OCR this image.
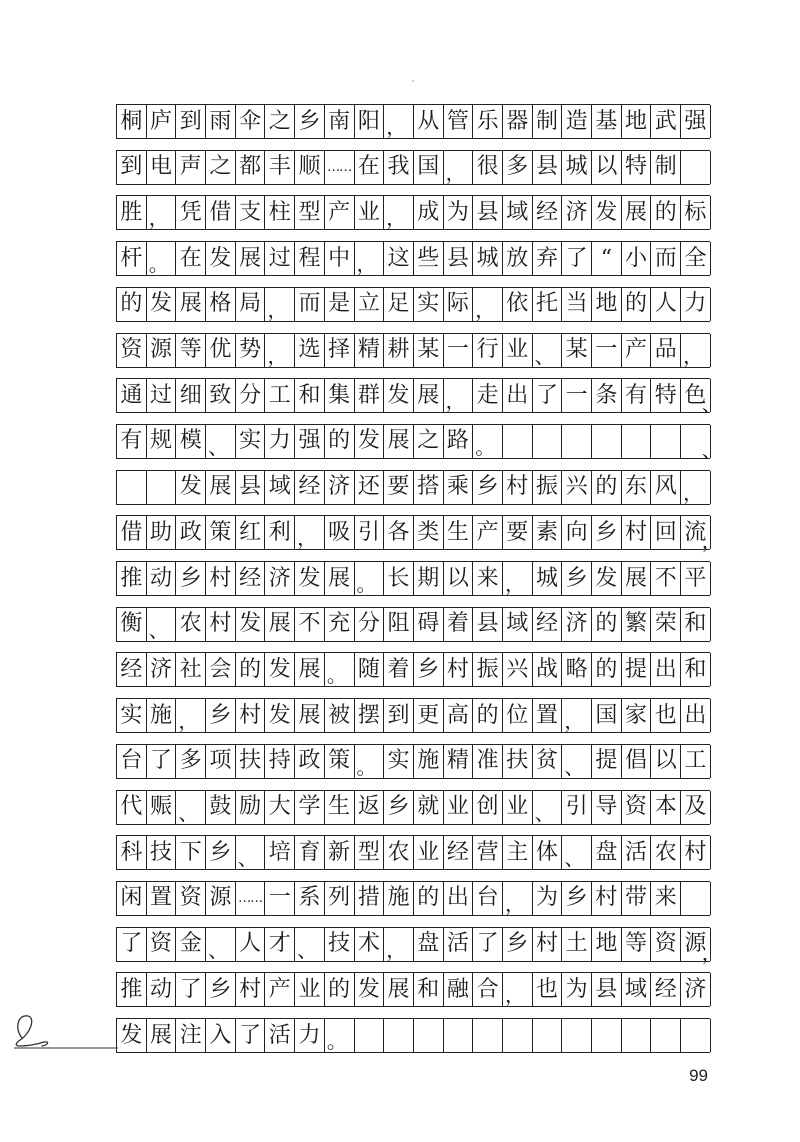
桐 庐 到 雨 伞 之 乡 南 阳 ， 从 管 乐 器 制 造 基 地 武 强
到 电 声 之 都 丰 顺 …… 在 我 国 ， 很 多 县 城 以 特 制
胜 ， 凭 借 支 柱 型 产 业 ， 成 为 县 域 经 济 发 展 的 标
杆 。 在 发 展 过 程 中 ， 这 些 县 城 放 弃 了 “ 小 而 全
的 发 展 格 局 ， 而 是 立 足 实 际 ， 依 托 当 地 的 人 力
资 源 等 优 势 ， 选 择 精 耕 某 一 行 业 、 某 一 产 品 ，
通 过 细 致 分 工 和 集 群 发 展 ， 走 出 了 一 条 有 特 色
、
有 规 模 、 实 力 强 的 发 展 之 路 。	、
发 展 县 域 经 济 还 要 搭 乘 乡 村 振 兴 的 东 风 ，
借 助 政 策 红 利 ， 吸 引 各 类 生 产 要 素 向 乡 村 回 流
，
推 动 乡 村 经 济 发 展 。 长 期 以 来 ， 城 乡 发 展 不 平
衡 、 农 村 发 展 不 充 分 阻 碍 着 县 域 经 济 的 繁 荣 和
经 济 社 会 的 发 展 。 随 着 乡 村 振 兴 战 略 的 提 出 和
实 施 ， 乡 村 发 展 被 摆 到 更 高 的 位 置 ， 国 家 也 出
台 了 多 项 扶 持 政 策 。 实 施 精 准 扶 贫 、 提 倡 以 工
代 赈 、 鼓 励 大 学 生 返 乡 就 业 创 业 、 引 导 资 本 及
科 技 下 乡 、 培 育 新 型 农 业 经 营 主 体 、 盘 活 农 村
闲 置 资 源 …… 一 系 列 措 施 的 出 台 ， 为 乡 村 带 来
了 资 金 、 人 才 、 技 术 ， 盘 活 了 乡 村 土 地 等 资 源
，
推 动 了 乡 村 产 业 的 发 展 和 融 合 ， 也 为 县 域 经 济
发 展 注 入 了 活 力 。
99
